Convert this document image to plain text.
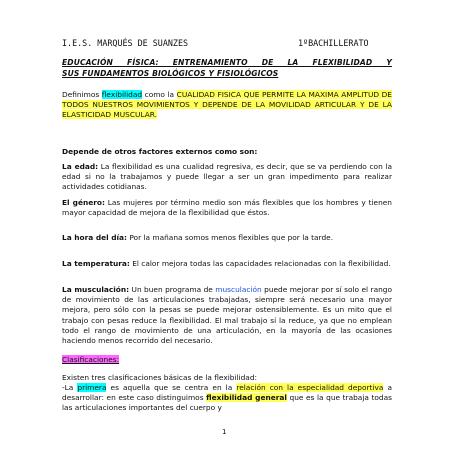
I.E.S. MARQUÉS DE SUANZES	1ºBACHILLERATO
EDUCACIÓN FÍSICA: ENTRENAMIENTO DE LA FLEXIBILIDAD Y
SUS FUNDAMENTOS BIOLÓGICOS Y FISIOLÓGICOS
Definimos flexibilidad como la CUALIDAD FISICA QUE PERMITE LA MAXIMA AMPLITUD DE TODOS NUESTROS MOVIMIENTOS Y DEPENDE DE LA MOVILIDAD ARTICULAR Y DE LA ELASTICIDAD MUSCULAR.
Depende de otros factores externos como son:
La edad: La flexibilidad es una cualidad regresiva, es decir, que se va perdiendo con la edad si no la trabajamos y puede llegar a ser un gran impedimento para realizar actividades cotidianas.
El género: Las mujeres por término medio son más flexibles que los hombres y tienen mayor capacidad de mejora de la flexibilidad que éstos.
La hora del día: Por la mañana somos menos flexibles que por la tarde.
La temperatura: El calor mejora todas las capacidades relacionadas con la flexibilidad.
La musculación: Un buen programa de musculación puede mejorar por sí solo el rango de movimiento de las articulaciones trabajadas, siempre será necesario una mayor mejora, pero sólo con la pesas se puede mejorar ostensiblemente. Es un mito que el trabajo con pesas reduce la flexibilidad. El mal trabajo sí la reduce, ya que no emplean todo el rango de movimiento de una articulación, en la mayoría de las ocasiones haciendo menos recorrido del necesario.
Clasificaciones:
Existen tres clasificaciones básicas de la flexibilidad:
-La primera es aquella que se centra en la relación con la especialidad deportiva a desarrollar: en este caso distinguimos flexibilidad general que es la que trabaja todas las articulaciones importantes del cuerpo y
1
